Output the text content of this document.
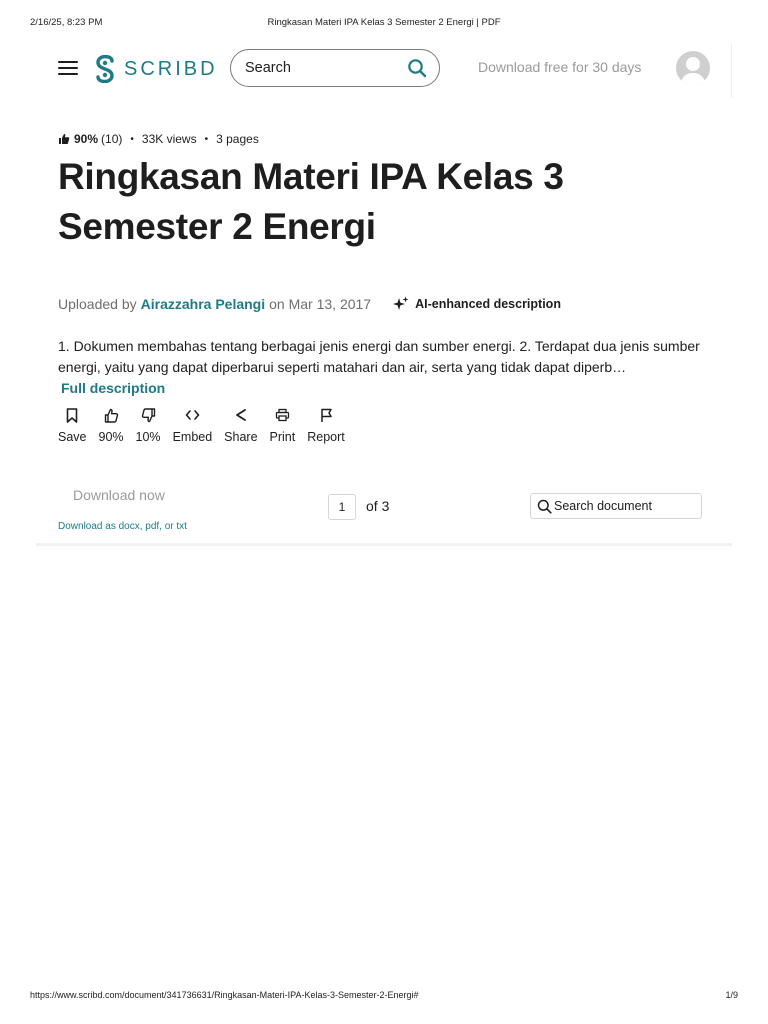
2/16/25, 8:23 PM	Ringkasan Materi IPA Kelas 3 Semester 2 Energi | PDF
SCRIBD
Search	Download free for 30 days
90% (10) • 33K views • 3 pages
Ringkasan Materi IPA Kelas 3 Semester 2 Energi
Uploaded by Airazzahra Pelangi on Mar 13, 2017	AI-enhanced description

1. Dokumen membahas tentang berbagai jenis energi dan sumber energi. 2. Terdapat dua jenis sumber energi, yaitu yang dapat diperbarui seperti matahari dan air, serta yang tidak dapat diperb…

Full description
Save 90% 10% Embed Share Print Report
Download now
Download as docx, pdf, or txt
1	of 3
Search document
https://www.scribd.com/document/341736631/Ringkasan-Materi-IPA-Kelas-3-Semester-2-Energi#	1/9
